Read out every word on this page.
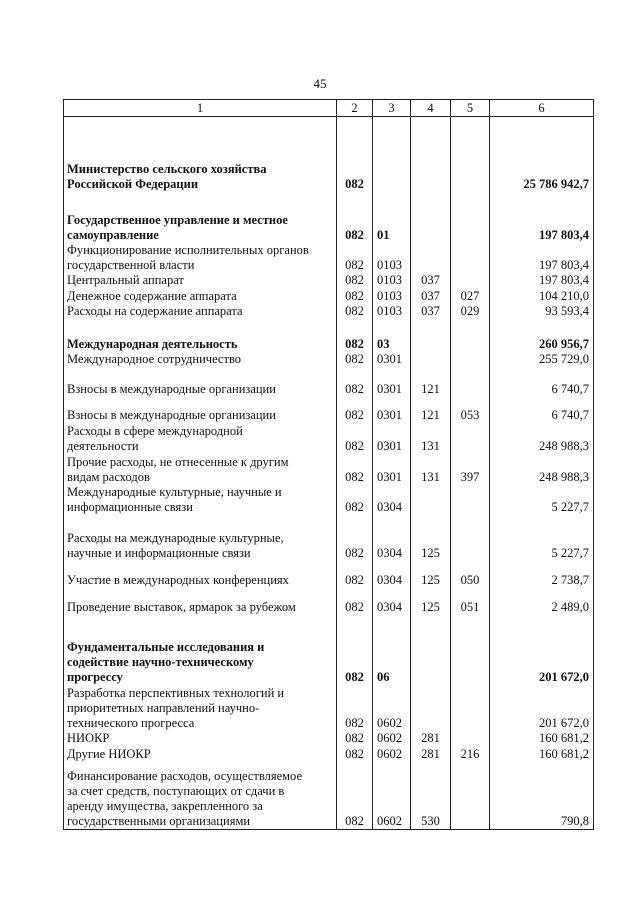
45
1	2	3	4	5	6

Министерство сельского хозяйства
Российской Федерации	082				25 786 942,7
Государственное управление и местное
самоуправление	082	01			197 803,4
Функционирование исполнительных органов
государственной власти	082	0103			197 803,4
Центральный аппарат	082	0103	037		197 803,4
Денежное содержание аппарата	082	0103	037	027	104 210,0
Расходы на содержание аппарата	082	0103	037	029	93 593,4
Международная деятельность	082	03			260 956,7
Международное сотрудничество	082	0301			255 729,0
Взносы в международные организации	082	0301	121		6 740,7
Взносы в международные организации	082	0301	121	053	6 740,7
Расходы в сфере международной
деятельности	082	0301	131		248 988,3
Прочие расходы, не отнесенные к другим
видам расходов	082	0301	131	397	248 988,3
Международные культурные, научные и
информационные связи	082	0304			5 227,7
Расходы на международные культурные,
научные и информационные связи	082	0304	125		5 227,7
Участие в международных конференциях	082	0304	125	050	2 738,7
Проведение выставок, ярмарок за рубежом	082	0304	125	051	2 489,0
Фундаментальные исследования и
содействие научно-техническому
прогрессу	082	06			201 672,0
Разработка перспективных технологий и
приоритетных направлений научно-
технического прогресса	082	0602			201 672,0
НИОКР	082	0602	281		160 681,2
Другие НИОКР	082	0602	281	216	160 681,2
Финансирование расходов, осуществляемое
за счет средств, поступающих от сдачи в
аренду имущества, закрепленного за
государственными организациями	082	0602	530		790,8
